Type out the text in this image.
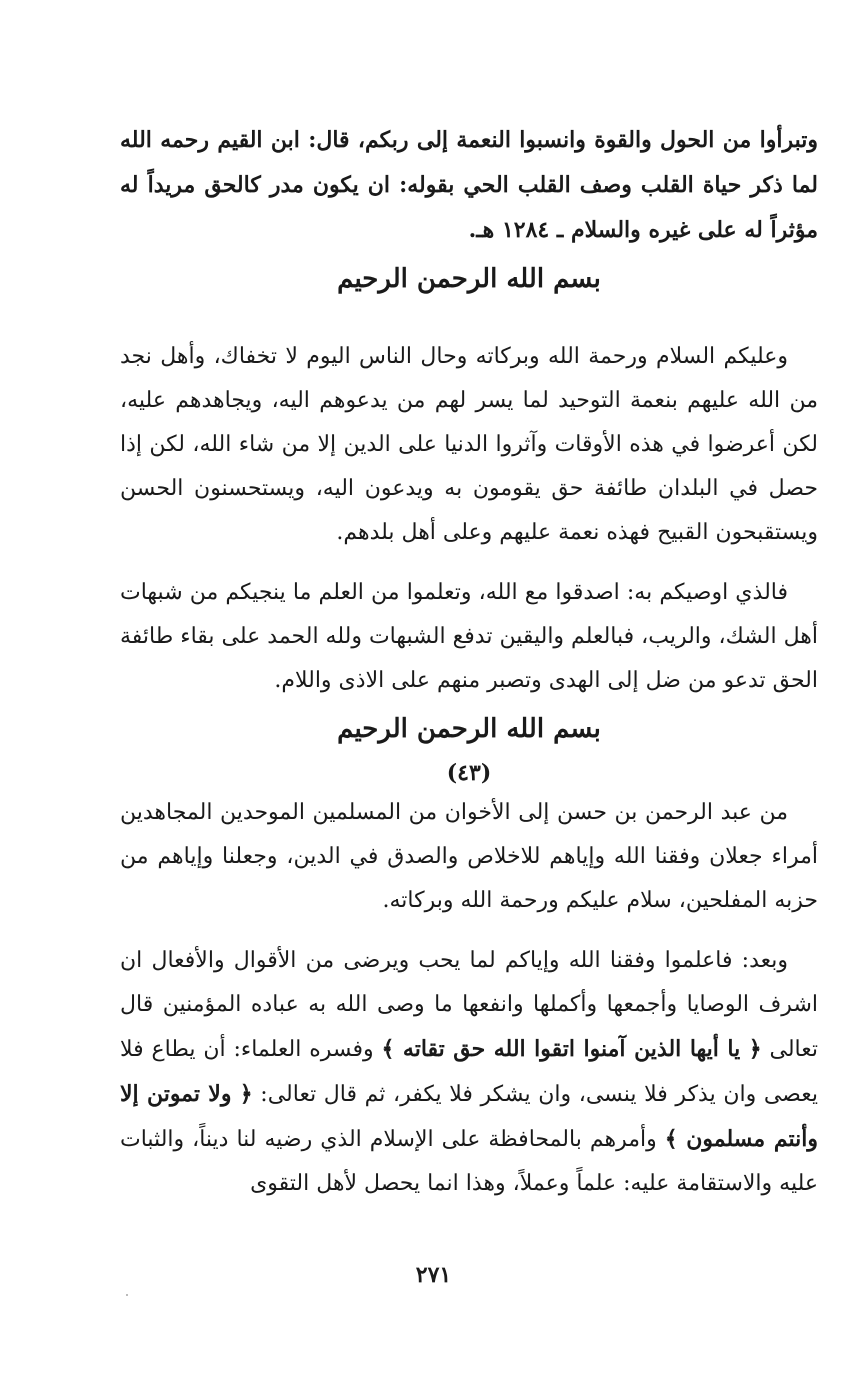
وتبرأوا من الحول والقوة وانسبوا النعمة إلى ربكم، قال: ابن القيم رحمه الله لما ذكر حياة القلب وصف القلب الحي بقوله: ان يكون مدر كالحق مريداً له مؤثراً له على غيره والسلام ـ ١٢٨٤ هـ.

بسم الله الرحمن الرحيم

وعليكم السلام ورحمة الله وبركاته وحال الناس اليوم لا تخفاك، وأهل نجد من الله عليهم بنعمة التوحيد لما يسر لهم من يدعوهم اليه، ويجاهدهم عليه، لكن أعرضوا في هذه الأوقات وآثروا الدنيا على الدين إلا من شاء الله، لكن إذا حصل في البلدان طائفة حق يقومون به ويدعون اليه، ويستحسنون الحسن ويستقبحون القبيح فهذه نعمة عليهم وعلى أهل بلدهم.

فالذي اوصيكم به: اصدقوا مع الله، وتعلموا من العلم ما ينجيكم من شبهات أهل الشك، والريب، فبالعلم واليقين تدفع الشبهات ولله الحمد على بقاء طائفة الحق تدعو من ضل إلى الهدى وتصبر منهم على الاذى واللام.

بسم الله الرحمن الرحيم

(٤٣)

من عبد الرحمن بن حسن إلى الأخوان من المسلمين الموحدين المجاهدين أمراء جعلان وفقنا الله وإياهم للاخلاص والصدق في الدين، وجعلنا وإياهم من حزبه المفلحين، سلام عليكم ورحمة الله وبركاته.

وبعد: فاعلموا وفقنا الله وإياكم لما يحب ويرضى من الأقوال والأفعال ان اشرف الوصايا وأجمعها وأكملها وانفعها ما وصى الله به عباده المؤمنين قال تعالى ﴿ يا أيها الذين آمنوا اتقوا الله حق تقاته ﴾ وفسره العلماء: أن يطاع فلا يعصى وان يذكر فلا ينسى، وان يشكر فلا يكفر، ثم قال تعالى: ﴿ ولا تموتن إلا وأنتم مسلمون ﴾ وأمرهم بالمحافظة على الإسلام الذي رضيه لنا ديناً، والثبات عليه والاستقامة عليه: علماً وعملاً، وهذا انما يحصل لأهل التقوى

٢٧١
